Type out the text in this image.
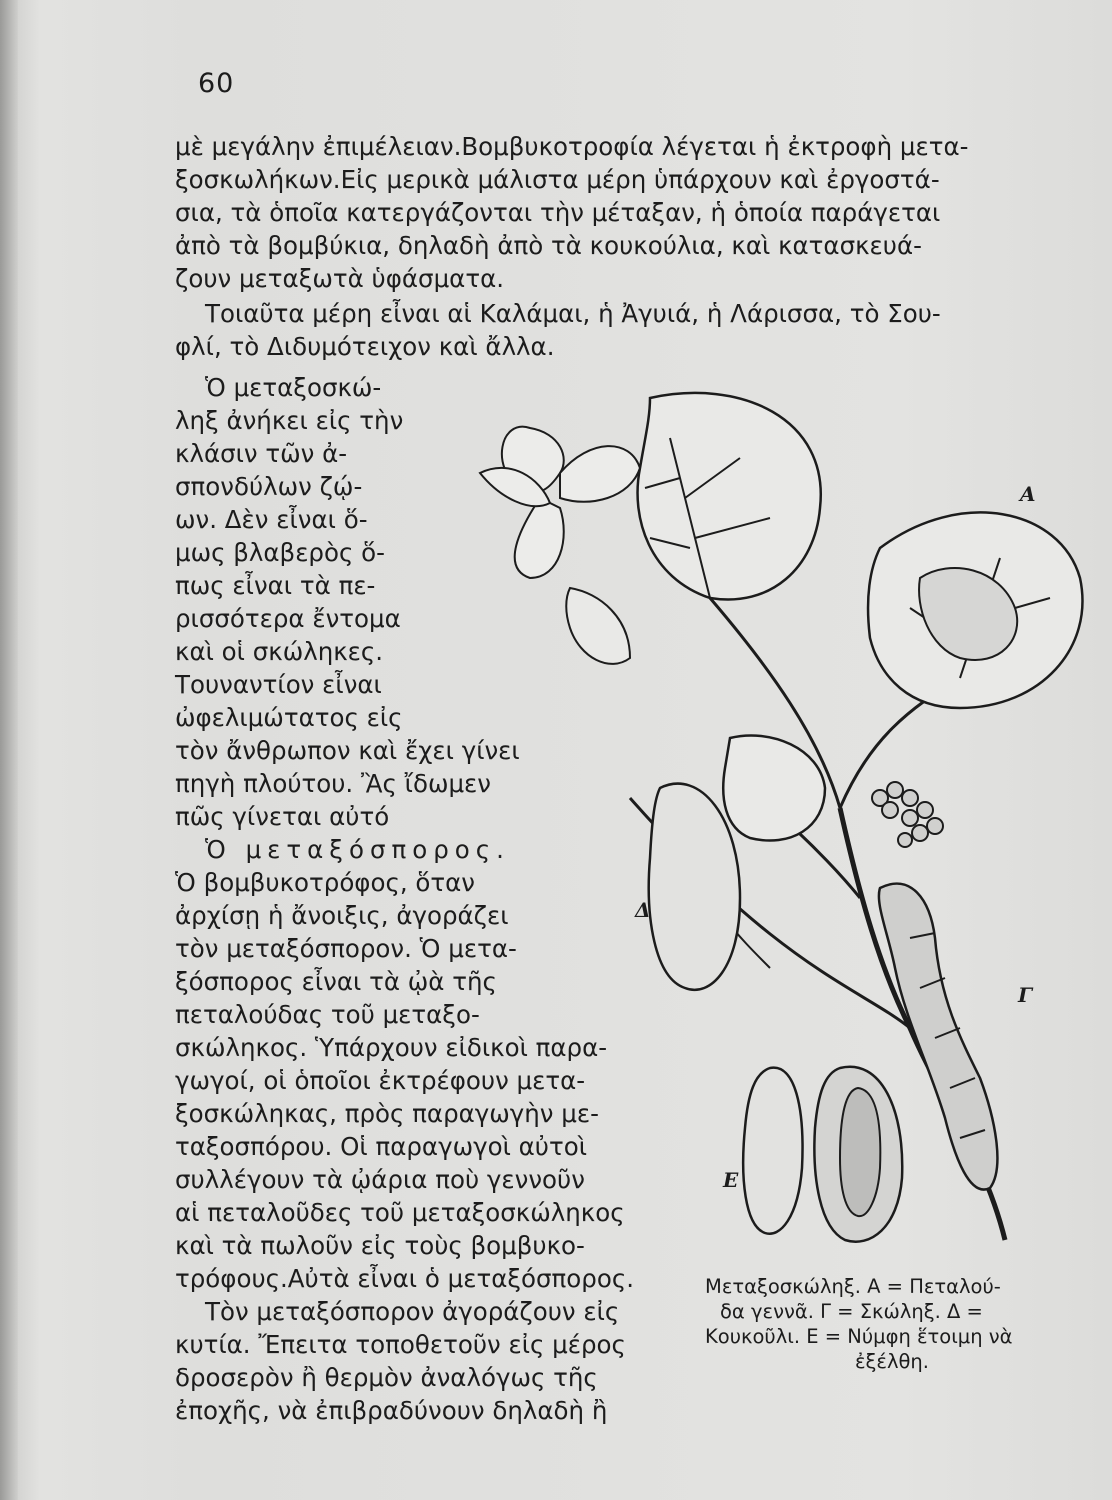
60
μὲ μεγάλην ἐπιμέλειαν.Βομβυκοτροφία λέγεται ἡ ἐκτροφὴ μετα-
ξοσκωλήκων.Εἰς μερικὰ μάλιστα μέρη ὑπάρχουν καὶ ἐργοστά-
σια, τὰ ὁποῖα κατεργάζονται τὴν μέταξαν, ἡ ὁποία παράγεται
ἀπὸ τὰ βομβύκια, δηλαδὴ ἀπὸ τὰ κουκούλια, καὶ κατασκευά-
ζουν μεταξωτὰ ὑφάσματα.
Τοιαῦτα μέρη εἶναι αἱ Καλάμαι, ἡ Ἀγυιά, ἡ Λάρισσα, τὸ Σου-
φλί, τὸ Διδυμότειχον καὶ ἄλλα.
Ὁ μεταξοσκώ-
ληξ ἀνήκει εἰς τὴν
κλάσιν τῶν ἀ-
σπονδύλων ζῴ-
ων. Δὲν εἶναι ὅ-
μως βλαβερὸς ὅ-
πως εἶναι τὰ πε-
ρισσότερα ἔντομα
καὶ οἱ σκώληκες.
Τουναντίον εἶναι
ὠφελιμώτατος εἰς
τὸν ἄνθρωπον καὶ ἔχει γίνει
πηγὴ πλούτου. Ἂς ἴδωμεν
πῶς γίνεται αὐτό
Ὁ μεταξόσπορος.
Ὁ βομβυκοτρόφος, ὅταν
ἀρχίσῃ ἡ ἄνοιξις, ἀγοράζει
τὸν μεταξόσπορον. Ὁ μετα-
ξόσπορος εἶναι τὰ ᾠὰ τῆς
πεταλούδας τοῦ μεταξο-
σκώληκος. Ὑπάρχουν εἰδικοὶ παρα-
γωγοί, οἱ ὁποῖοι ἐκτρέφουν μετα-
ξοσκώληκας, πρὸς παραγωγὴν με-
ταξοσπόρου. Οἱ παραγωγοὶ αὐτοὶ
συλλέγουν τὰ ᾠάρια ποὺ γεννοῦν
αἱ πεταλοῦδες τοῦ μεταξοσκώληκος
καὶ τὰ πωλοῦν εἰς τοὺς βομβυκο-
τρόφους.Αὐτὰ εἶναι ὁ μεταξόσπορος.
Τὸν μεταξόσπορον ἀγοράζουν εἰς
κυτία. Ἔπειτα τοποθετοῦν εἰς μέρος
δροσερὸν ἢ θερμὸν ἀναλόγως τῆς
ἐποχῆς, νὰ ἐπιβραδύνουν δηλαδὴ ἢ
Α
Δ
Γ
Ε
Μεταξοσκώληξ. Α = Πεταλού-
δα γεννᾶ. Γ = Σκώληξ. Δ =
Κουκοῦλι. Ε = Νύμφη ἕτοιμη νὰ
ἐξέλθη.
